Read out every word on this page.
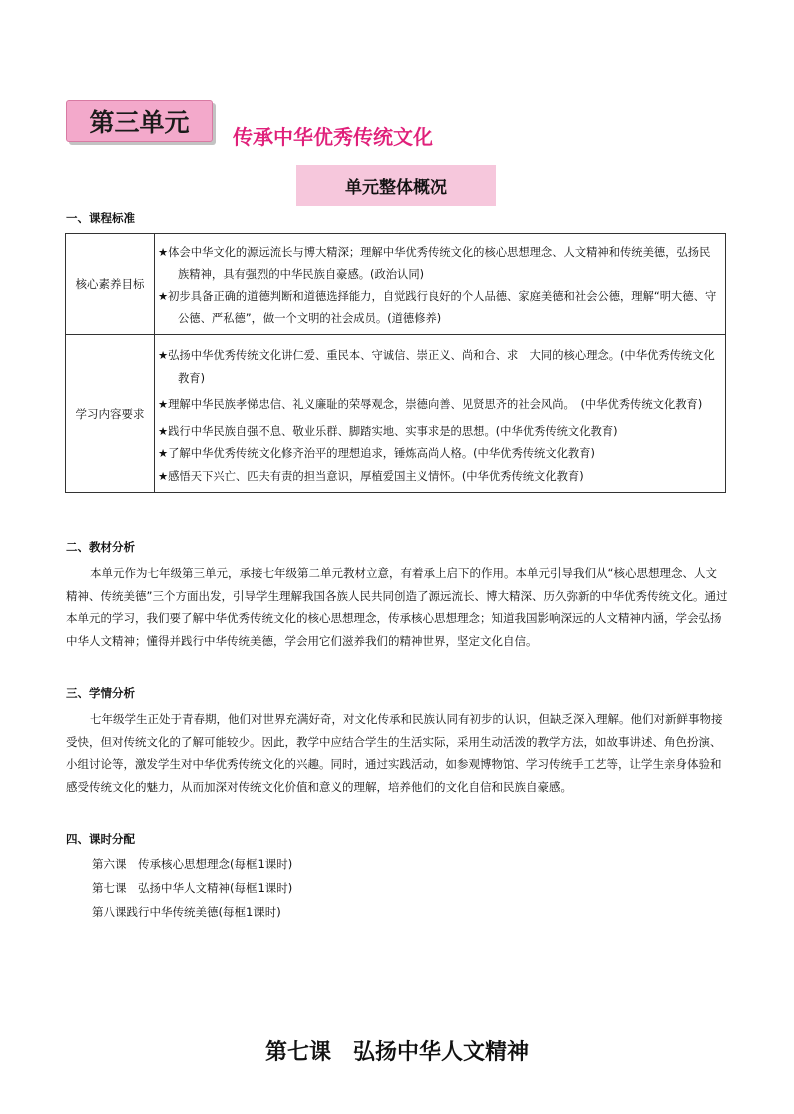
第三单元	传承中华优秀传统文化
单元整体概况
一、课程标准
核心素养目标	★体会中华文化的源远流长与博大精深；理解中华优秀传统文化的核心思想理念、人文精神和传统美德，弘扬民族精神，具有强烈的中华民族自豪感。(政治认同)

★初步具备正确的道德判断和道德选择能力，自觉践行良好的个人品德、家庭美德和社会公德，理解“明大德、守公德、严私德”，做一个文明的社会成员。(道德修养)

学习内容要求	★弘扬中华优秀传统文化讲仁爱、重民本、守诚信、崇正义、尚和合、求　大同的核心理念。(中华优秀传统文化教育)

★理解中华民族孝悌忠信、礼义廉耻的荣辱观念，崇德向善、见贤思齐的社会风尚。　(中华优秀传统文化教育)

★践行中华民族自强不息、敬业乐群、脚踏实地、实事求是的思想。(中华优秀传统文化教育)

★了解中华优秀传统文化修齐治平的理想追求，锤炼高尚人格。(中华优秀传统文化教育)

★感悟天下兴亡、匹夫有责的担当意识，厚植爱国主义情怀。(中华优秀传统文化教育)

二、教材分析

本单元作为七年级第三单元，承接七年级第二单元教材立意，有着承上启下的作用。本单元引导我们从“核心思想理念、人文精神、传统美德”三个方面出发，引导学生理解我国各族人民共同创造了源远流长、博大精深、历久弥新的中华优秀传统文化。通过本单元的学习，我们要了解中华优秀传统文化的核心思想理念，传承核心思想理念；知道我国影响深远的人文精神内涵，学会弘扬中华人文精神；懂得并践行中华传统美德，学会用它们滋养我们的精神世界，坚定文化自信。

三、学情分析

七年级学生正处于青春期，他们对世界充满好奇，对文化传承和民族认同有初步的认识，但缺乏深入理解。他们对新鲜事物接受快，但对传统文化的了解可能较少。因此，教学中应结合学生的生活实际，采用生动活泼的教学方法，如故事讲述、角色扮演、小组讨论等，激发学生对中华优秀传统文化的兴趣。同时，通过实践活动，如参观博物馆、学习传统手工艺等，让学生亲身体验和感受传统文化的魅力，从而加深对传统文化价值和意义的理解，培养他们的文化自信和民族自豪感。

四、课时分配
第六课　传承核心思想理念(每框1课时)
第七课　弘扬中华人文精神(每框1课时)
第八课践行中华传统美德(每框1课时)
第七课　弘扬中华人文精神
